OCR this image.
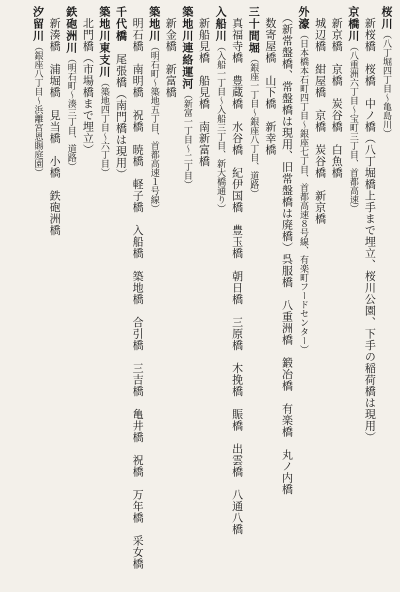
桜川（八丁堀四丁目～亀島川）
　新桜橋　桜橋　中ノ橋（八丁堀橋上手まで埋立、桜川公園、下手の稲荷橋は現用）
京橋川（八重洲六丁目～宝町三丁目、首都高速）
　新京橋　京橋　炭谷橋　白魚橋
　城辺橋　紺屋橋　京橋　炭谷橋　新京橋
外濠（日本橋本石町四丁目～銀座七丁目、首都高速８号線、有楽町フードセンター）
　（新常盤橋、常盤橋は現用、旧常盤橋は廃橋）呉服橋　八重洲橋　鍛冶橋　有楽橋　丸ノ内橋
　数寄屋橋　山下橋　新幸橋
三十間堀（銀座一丁目～銀座八丁目、道路）
　真福寺橋　豊蔵橋　水谷橋　紀伊国橋　豊玉橋　朝日橋　三原橋　木挽橋　賑橋　出雲橋　八通八橋
入船川（入船一丁目～入船三丁目、新大橋通り）
　新船見橋　船見橋　南新富橋
築地川連絡運河（新富一丁目～二丁目）
　新金橋　新富橋
築地川（明石町～築地五丁目、首都高速１号線）
　明石橋　南明橋　祝橋　暁橋　軽子橋　入船橋　築地橋　合引橋　三吉橋　亀井橋　祝橋　万年橋　采女橋
千代橋　尾張橋（南門橋は現用）
築地川東支川（築地四丁目～六丁目）
　北門橋（市場橋まで埋立）
鉄砲洲川（明石町～湊三丁目、道路）
　新湊橋　浦堀橋　見当橋　小橋　鉄砲洲橋
汐留川（銀座八丁目～浜離宮恩賜庭園）
